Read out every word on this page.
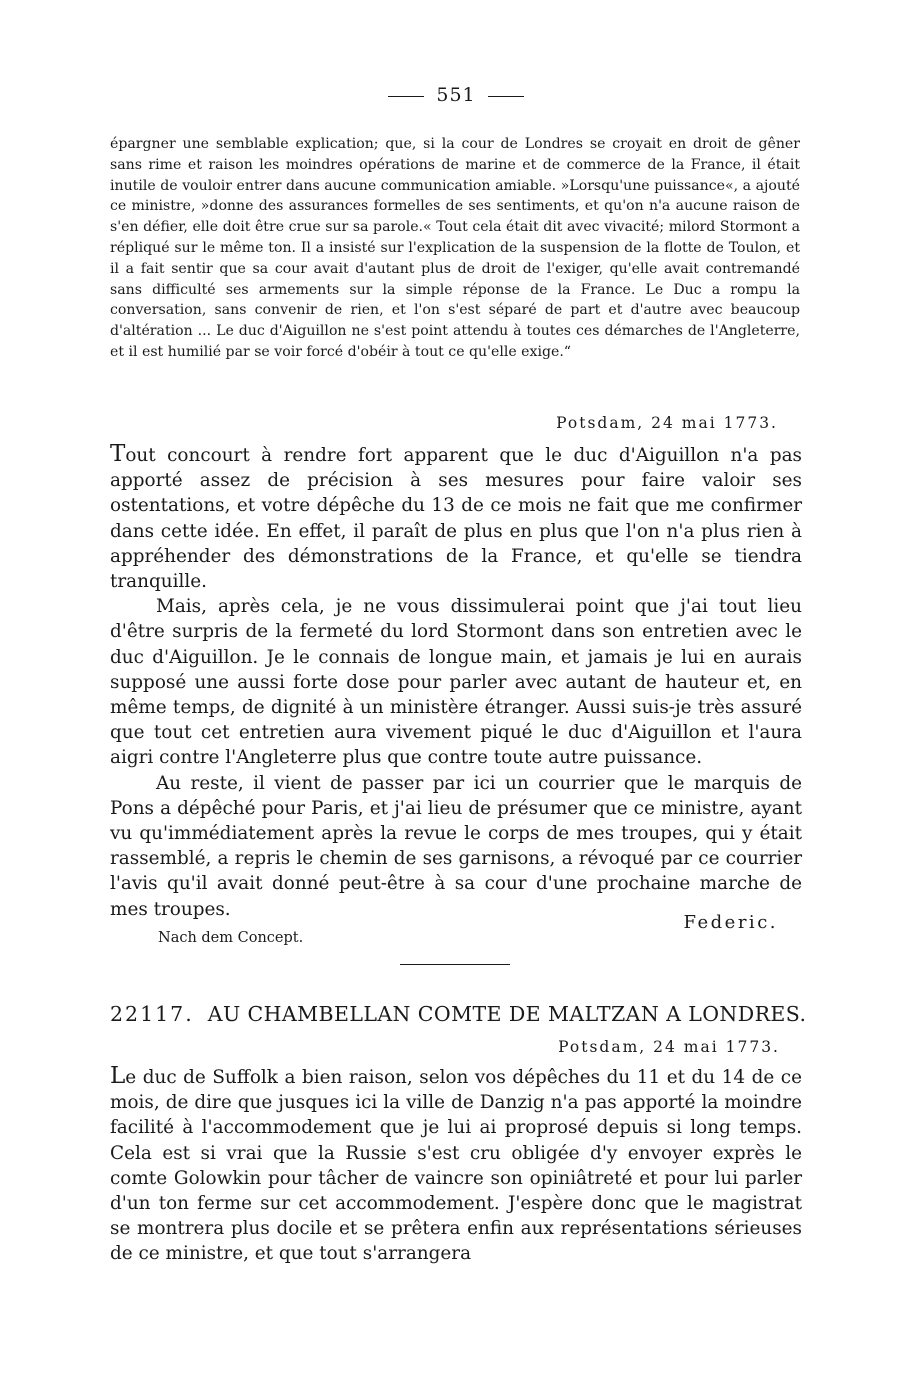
551

épargner une semblable explication; que, si la cour de Londres se croyait en droit de gêner sans rime et raison les moindres opérations de marine et de commerce de la France, il était inutile de vouloir entrer dans aucune communication amiable. »Lorsqu'une puissance«, a ajouté ce ministre, »donne des assurances formelles de ses sentiments, et qu'on n'a aucune raison de s'en défier, elle doit être crue sur sa parole.« Tout cela était dit avec vivacité; milord Stormont a répliqué sur le même ton. Il a insisté sur l'explication de la suspension de la flotte de Toulon, et il a fait sentir que sa cour avait d'autant plus de droit de l'exiger, qu'elle avait contremandé sans difficulté ses armements sur la simple réponse de la France. Le Duc a rompu la conversation, sans convenir de rien, et l'on s'est séparé de part et d'autre avec beaucoup d'altération ... Le duc d'Aiguillon ne s'est point attendu à toutes ces démarches de l'Angleterre, et il est humilié par se voir forcé d'obéir à tout ce qu'elle exige.“

Potsdam, 24 mai 1773.

Tout concourt à rendre fort apparent que le duc d'Aiguillon n'a pas apporté assez de précision à ses mesures pour faire valoir ses ostentations, et votre dépêche du 13 de ce mois ne fait que me confirmer dans cette idée. En effet, il paraît de plus en plus que l'on n'a plus rien à appréhender des démonstrations de la France, et qu'elle se tiendra tranquille.

Mais, après cela, je ne vous dissimulerai point que j'ai tout lieu d'être surpris de la fermeté du lord Stormont dans son entretien avec le duc d'Aiguillon. Je le connais de longue main, et jamais je lui en aurais supposé une aussi forte dose pour parler avec autant de hauteur et, en même temps, de dignité à un ministère étranger. Aussi suis-je très assuré que tout cet entretien aura vivement piqué le duc d'Aiguillon et l'aura aigri contre l'Angleterre plus que contre toute autre puissance.

Au reste, il vient de passer par ici un courrier que le marquis de Pons a dépêché pour Paris, et j'ai lieu de présumer que ce ministre, ayant vu qu'immédiatement après la revue le corps de mes troupes, qui y était rassemblé, a repris le chemin de ses garnisons, a révoqué par ce courrier l'avis qu'il avait donné peut-être à sa cour d'une prochaine marche de mes troupes.

Federic.
Nach dem Concept.
22117. AU CHAMBELLAN COMTE DE MALTZAN A LONDRES.
Potsdam, 24 mai 1773.

Le duc de Suffolk a bien raison, selon vos dépêches du 11 et du 14 de ce mois, de dire que jusques ici la ville de Danzig n'a pas apporté la moindre facilité à l'accommodement que je lui ai proprosé depuis si long temps. Cela est si vrai que la Russie s'est cru obligée d'y envoyer exprès le comte Golowkin pour tâcher de vaincre son opiniâtreté et pour lui parler d'un ton ferme sur cet accommodement. J'espère donc que le magistrat se montrera plus docile et se prêtera enfin aux représentations sérieuses de ce ministre, et que tout s'arrangera
